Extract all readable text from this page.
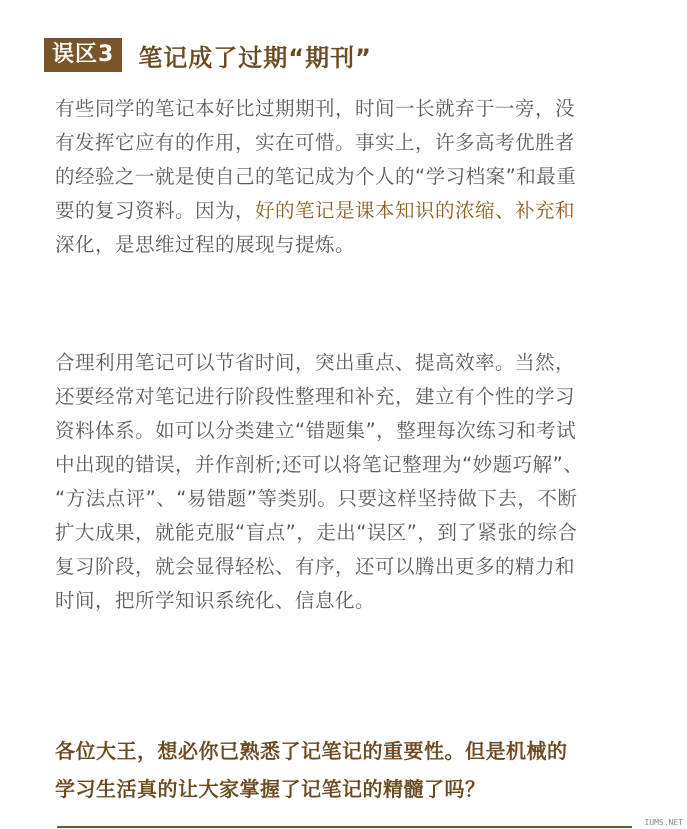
误区3	笔记成了过期“期刊”

有些同学的笔记本好比过期期刊，时间一长就弃于一旁，没
有发挥它应有的作用，实在可惜。事实上，许多高考优胜者
的经验之一就是使自己的笔记成为个人的“学习档案”和最重
要的复习资料。因为，好的笔记是课本知识的浓缩、补充和
深化，是思维过程的展现与提炼。

合理利用笔记可以节省时间，突出重点、提高效率。当然，
还要经常对笔记进行阶段性整理和补充，建立有个性的学习
资料体系。如可以分类建立“错题集”，整理每次练习和考试
中出现的错误，并作剖析;还可以将笔记整理为“妙题巧解”、
“方法点评”、“易错题”等类别。只要这样坚持做下去，不断
扩大成果，就能克服“盲点”，走出“误区”，到了紧张的综合
复习阶段，就会显得轻松、有序，还可以腾出更多的精力和
时间，把所学知识系统化、信息化。

各位大王，想必你已熟悉了记笔记的重要性。但是机械的
学习生活真的让大家掌握了记笔记的精髓了吗？

IUMS.NET
